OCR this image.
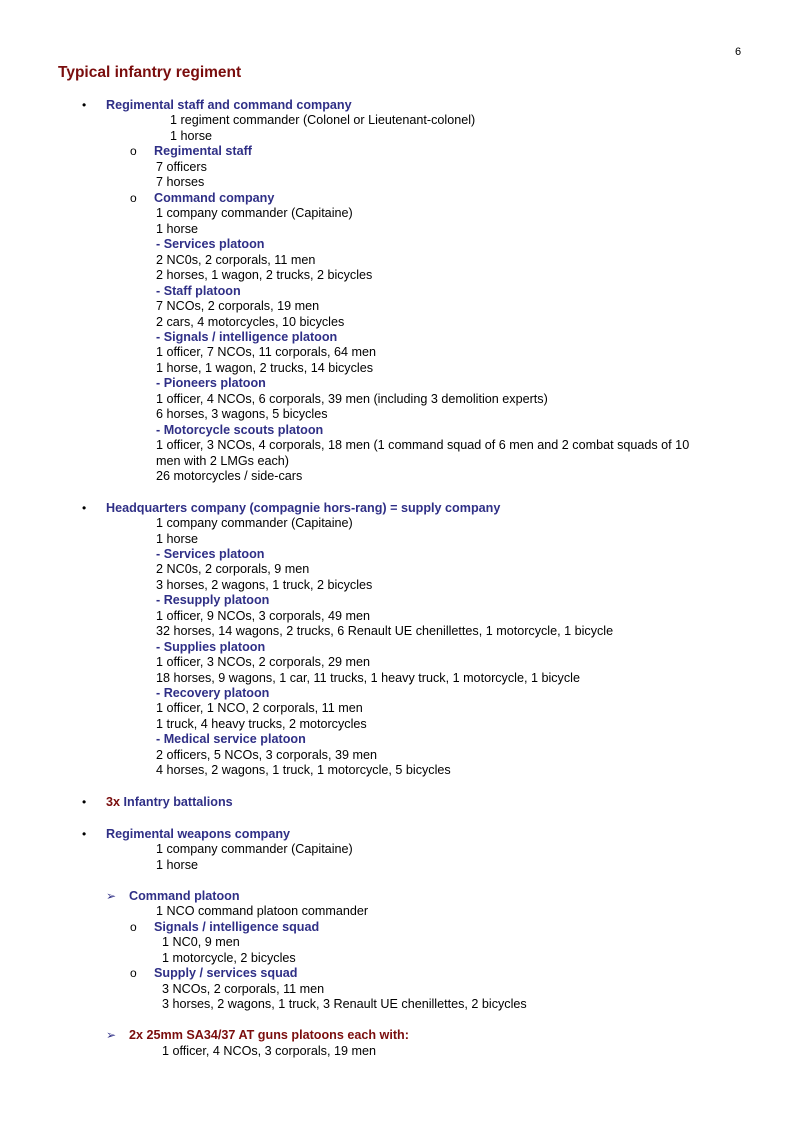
6
Typical infantry regiment
• Regimental staff and command company
1 regiment commander (Colonel or Lieutenant-colonel)
1 horse
o Regimental staff
7 officers
7 horses
o Command company
1 company commander (Capitaine)
1 horse
- Services platoon
2 NC0s, 2 corporals, 11 men
2 horses, 1 wagon, 2 trucks, 2 bicycles
- Staff platoon
7 NCOs, 2 corporals, 19 men
2 cars, 4 motorcycles, 10 bicycles
- Signals / intelligence platoon
1 officer, 7 NCOs, 11 corporals, 64 men
1 horse, 1 wagon, 2 trucks, 14 bicycles
- Pioneers platoon
1 officer, 4 NCOs, 6 corporals, 39 men (including 3 demolition experts)
6 horses, 3 wagons, 5 bicycles
- Motorcycle scouts platoon
1 officer, 3 NCOs, 4 corporals, 18 men (1 command squad of 6 men and 2 combat squads of 10
men with 2 LMGs each)
26 motorcycles / side-cars
• Headquarters company (compagnie hors-rang) = supply company
1 company commander (Capitaine)
1 horse
- Services platoon
2 NC0s, 2 corporals, 9 men
3 horses, 2 wagons, 1 truck, 2 bicycles
- Resupply platoon
1 officer, 9 NCOs, 3 corporals, 49 men
32 horses, 14 wagons, 2 trucks, 6 Renault UE chenillettes, 1 motorcycle, 1 bicycle
- Supplies platoon
1 officer, 3 NCOs, 2 corporals, 29 men
18 horses, 9 wagons, 1 car, 11 trucks, 1 heavy truck, 1 motorcycle, 1 bicycle
- Recovery platoon
1 officer, 1 NCO, 2 corporals, 11 men
1 truck, 4 heavy trucks, 2 motorcycles
- Medical service platoon
2 officers, 5 NCOs, 3 corporals, 39 men
4 horses, 2 wagons, 1 truck, 1 motorcycle, 5 bicycles
• 3x Infantry battalions
• Regimental weapons company
1 company commander (Capitaine)
1 horse
➢ Command platoon
1 NCO command platoon commander
o Signals / intelligence squad
1 NC0, 9 men
1 motorcycle, 2 bicycles
o Supply / services squad
3 NCOs, 2 corporals, 11 men
3 horses, 2 wagons, 1 truck, 3 Renault UE chenillettes, 2 bicycles
➢ 2x 25mm SA34/37 AT guns platoons each with:
1 officer, 4 NCOs, 3 corporals, 19 men
